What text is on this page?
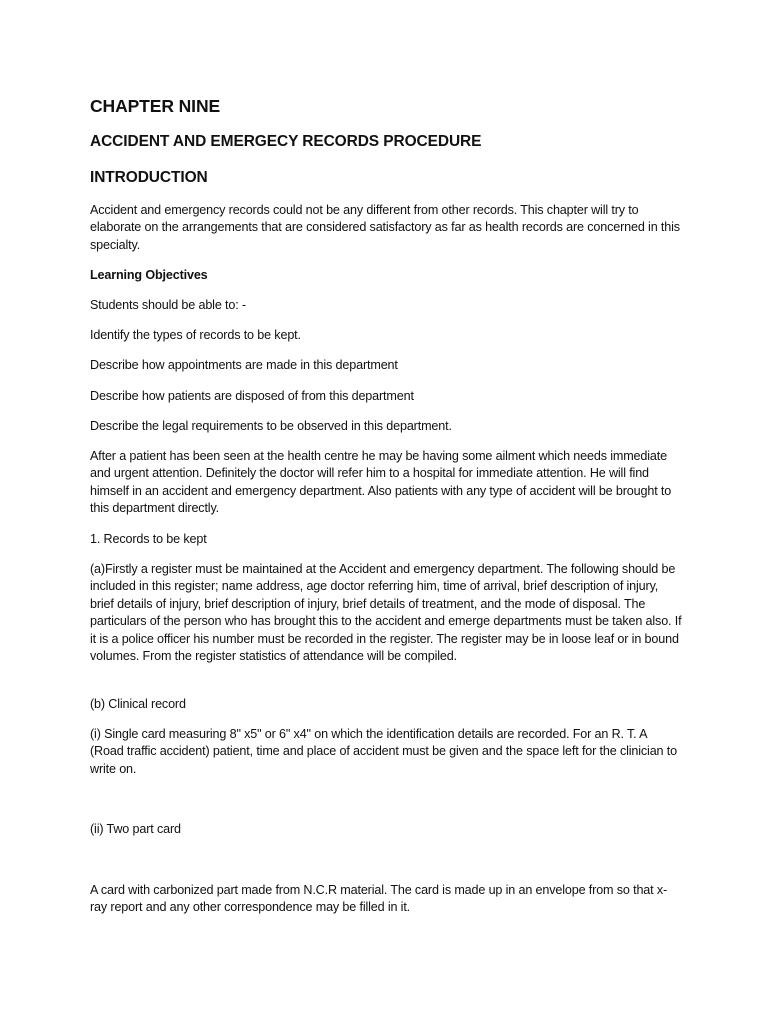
CHAPTER NINE
ACCIDENT AND EMERGECY RECORDS PROCEDURE
INTRODUCTION
Accident and emergency records could not be any different from other records. This chapter will try to elaborate on the arrangements that are considered satisfactory as far as health records are concerned in this specialty.
Learning Objectives
Students should be able to: -
Identify the types of records to be kept.
Describe how appointments are made in this department
Describe how patients are disposed of from this department
Describe the legal requirements to be observed in this department.
After a patient has been seen at the health centre he may be having some ailment which needs immediate and urgent attention. Definitely the doctor will refer him to a hospital for immediate attention. He will find himself in an accident and emergency department. Also patients with any type of accident will be brought to this department directly.
1. Records to be kept
(a)Firstly a register must be maintained at the Accident and emergency department. The following should be included in this register; name address, age doctor referring him, time of arrival, brief description of injury, brief details of injury, brief description of injury, brief details of treatment, and the mode of disposal. The particulars of the person who has brought this to the accident and emerge departments must be taken also. If it is a police officer his number must be recorded in the register. The register may be in loose leaf or in bound volumes. From the register statistics of attendance will be compiled.
(b) Clinical record
(i) Single card measuring 8" x5" or 6" x4" on which the identification details are recorded. For an R. T. A (Road traffic accident) patient, time and place of accident must be given and the space left for the clinician to write on.
(ii) Two part card
A card with carbonized part made from N.C.R material. The card is made up in an envelope from so that x-ray report and any other correspondence may be filled in it.
